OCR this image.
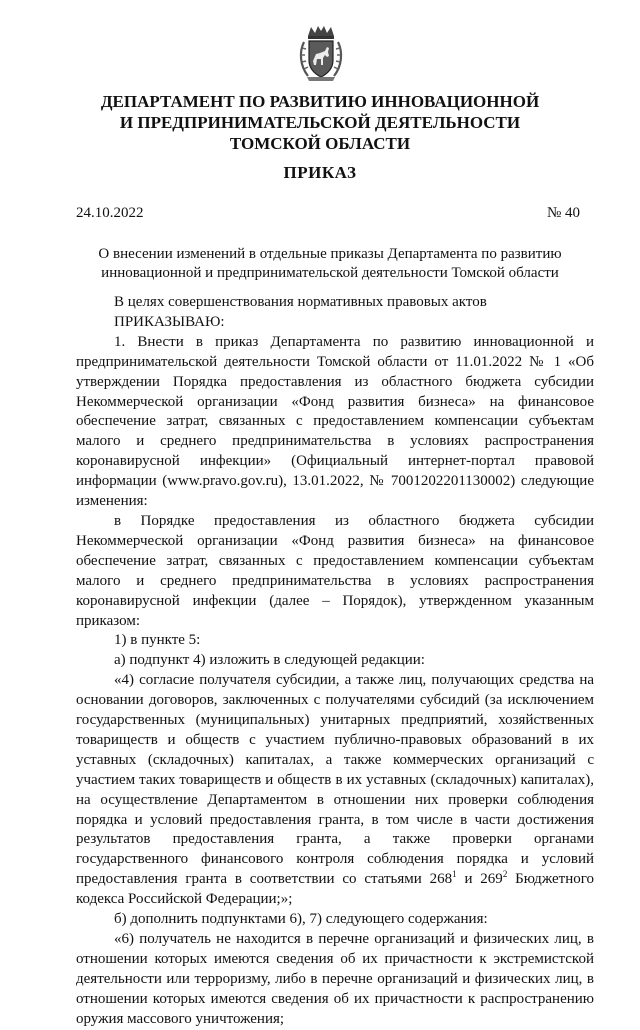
ДЕПАРТАМЕНТ ПО РАЗВИТИЮ ИННОВАЦИОННОЙ
И ПРЕДПРИНИМАТЕЛЬСКОЙ ДЕЯТЕЛЬНОСТИ
ТОМСКОЙ ОБЛАСТИ
ПРИКАЗ
24.10.2022	№ 40

О внесении изменений в отдельные приказы Департамента по развитию инновационной и предпринимательской деятельности Томской области

В целях совершенствования нормативных правовых актов

ПРИКАЗЫВАЮ:

1. Внести в приказ Департамента по развитию инновационной и предпринимательской деятельности Томской области от 11.01.2022 № 1 «Об утверждении Порядка предоставления из областного бюджета субсидии Некоммерческой организации «Фонд развития бизнеса» на финансовое обеспечение затрат, связанных с предоставлением компенсации субъектам малого и среднего предпринимательства в условиях распространения коронавирусной инфекции» (Официальный интернет-портал правовой информации (www.pravo.gov.ru), 13.01.2022, № 7001202201130002) следующие изменения:

в Порядке предоставления из областного бюджета субсидии Некоммерческой организации «Фонд развития бизнеса» на финансовое обеспечение затрат, связанных с предоставлением компенсации субъектам малого и среднего предпринимательства в условиях распространения коронавирусной инфекции (далее – Порядок), утвержденном указанным приказом:

1) в пункте 5:

а) подпункт 4) изложить в следующей редакции:

«4) согласие получателя субсидии, а также лиц, получающих средства на основании договоров, заключенных с получателями субсидий (за исключением государственных (муниципальных) унитарных предприятий, хозяйственных товариществ и обществ с участием публично-правовых образований в их уставных (складочных) капиталах, а также коммерческих организаций с участием таких товариществ и обществ в их уставных (складочных) капиталах), на осуществление Департаментом в отношении них проверки соблюдения порядка и условий предоставления гранта, в том числе в части достижения результатов предоставления гранта, а также проверки органами государственного финансового контроля соблюдения порядка и условий предоставления гранта в соответствии со статьями $268^1$ и $269^2$ Бюджетного кодекса Российской Федерации;»;

б) дополнить подпунктами 6), 7) следующего содержания:

«6) получатель не находится в перечне организаций и физических лиц, в отношении которых имеются сведения об их причастности к экстремистской деятельности или терроризму, либо в перечне организаций и физических лиц, в отношении которых имеются сведения об их причастности к распространению оружия массового уничтожения;
